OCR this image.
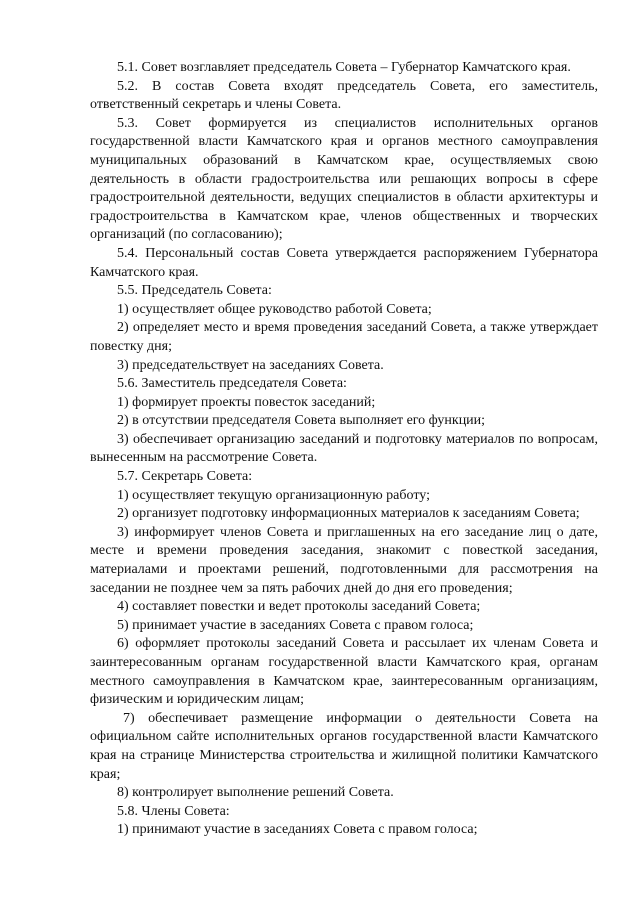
5.1. Совет возглавляет председатель Совета – Губернатор Камчатского края.

5.2. В состав Совета входят председатель Совета, его заместитель, ответственный секретарь и члены Совета.

5.3. Совет формируется из специалистов исполнительных органов государственной власти Камчатского края и органов местного самоуправления муниципальных образований в Камчатском крае, осуществляемых свою деятельность в области градостроительства или решающих вопросы в сфере градостроительной деятельности, ведущих специалистов в области архитектуры и градостроительства в Камчатском крае, членов общественных и творческих организаций (по согласованию);

5.4. Персональный состав Совета утверждается распоряжением Губернатора Камчатского края.

5.5. Председатель Совета:

1) осуществляет общее руководство работой Совета;

2) определяет место и время проведения заседаний Совета, а также утверждает повестку дня;

3) председательствует на заседаниях Совета.

5.6. Заместитель председателя Совета:

1) формирует проекты повесток заседаний;

2) в отсутствии председателя Совета выполняет его функции;

3) обеспечивает организацию заседаний и подготовку материалов по вопросам, вынесенным на рассмотрение Совета.

5.7. Секретарь Совета:

1) осуществляет текущую организационную работу;

2) организует подготовку информационных материалов к заседаниям Совета;

3) информирует членов Совета и приглашенных на его заседание лиц о дате, месте и времени проведения заседания, знакомит с повесткой заседания, материалами и проектами решений, подготовленными для рассмотрения на заседании не позднее чем за пять рабочих дней до дня его проведения;

4) составляет повестки и ведет протоколы заседаний Совета;

5) принимает участие в заседаниях Совета с правом голоса;

6) оформляет протоколы заседаний Совета и рассылает их членам Совета и заинтересованным органам государственной власти Камчатского края, органам местного самоуправления в Камчатском крае, заинтересованным организациям, физическим и юридическим лицам;

7) обеспечивает размещение информации о деятельности Совета на официальном сайте исполнительных органов государственной власти Камчатского края на странице Министерства строительства и жилищной политики Камчатского края;

8) контролирует выполнение решений Совета.

5.8. Члены Совета:

1) принимают участие в заседаниях Совета с правом голоса;
